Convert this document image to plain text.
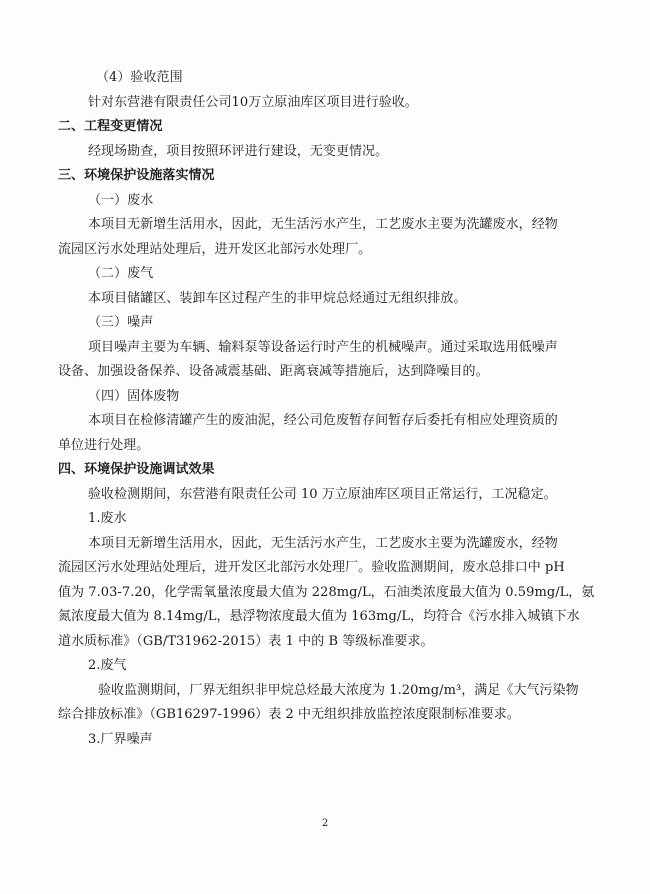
（4）验收范围
针对东营港有限责任公司10万立原油库区项目进行验收。
二、工程变更情况
经现场勘查，项目按照环评进行建设，无变更情况。
三、环境保护设施落实情况
（一）废水
本项目无新增生活用水，因此，无生活污水产生，工艺废水主要为洗罐废水，经物
流园区污水处理站处理后，进开发区北部污水处理厂。
（二）废气
本项目储罐区、装卸车区过程产生的非甲烷总烃通过无组织排放。
（三）噪声
项目噪声主要为车辆、输料泵等设备运行时产生的机械噪声。通过采取选用低噪声
设备、加强设备保养、设备减震基础、距离衰减等措施后，达到降噪目的。
（四）固体废物
本项目在检修清罐产生的废油泥，经公司危废暂存间暂存后委托有相应处理资质的
单位进行处理。
四、环境保护设施调试效果
验收检测期间，东营港有限责任公司 10 万立原油库区项目正常运行，工况稳定。
1.废水
本项目无新增生活用水，因此，无生活污水产生，工艺废水主要为洗罐废水，经物
流园区污水处理站处理后，进开发区北部污水处理厂。验收监测期间，废水总排口中 pH
值为 7.03-7.20，化学需氧量浓度最大值为 228mg/L，石油类浓度最大值为 0.59mg/L，氨
氮浓度最大值为 8.14mg/L，悬浮物浓度最大值为 163mg/L，均符合《污水排入城镇下水
道水质标准》（GB/T31962-2015）表 1 中的 B 等级标准要求。
2.废气
验收监测期间，厂界无组织非甲烷总烃最大浓度为 1.20mg/m³，满足《大气污染物
综合排放标准》（GB16297-1996）表 2 中无组织排放监控浓度限制标准要求。
3.厂界噪声
2
